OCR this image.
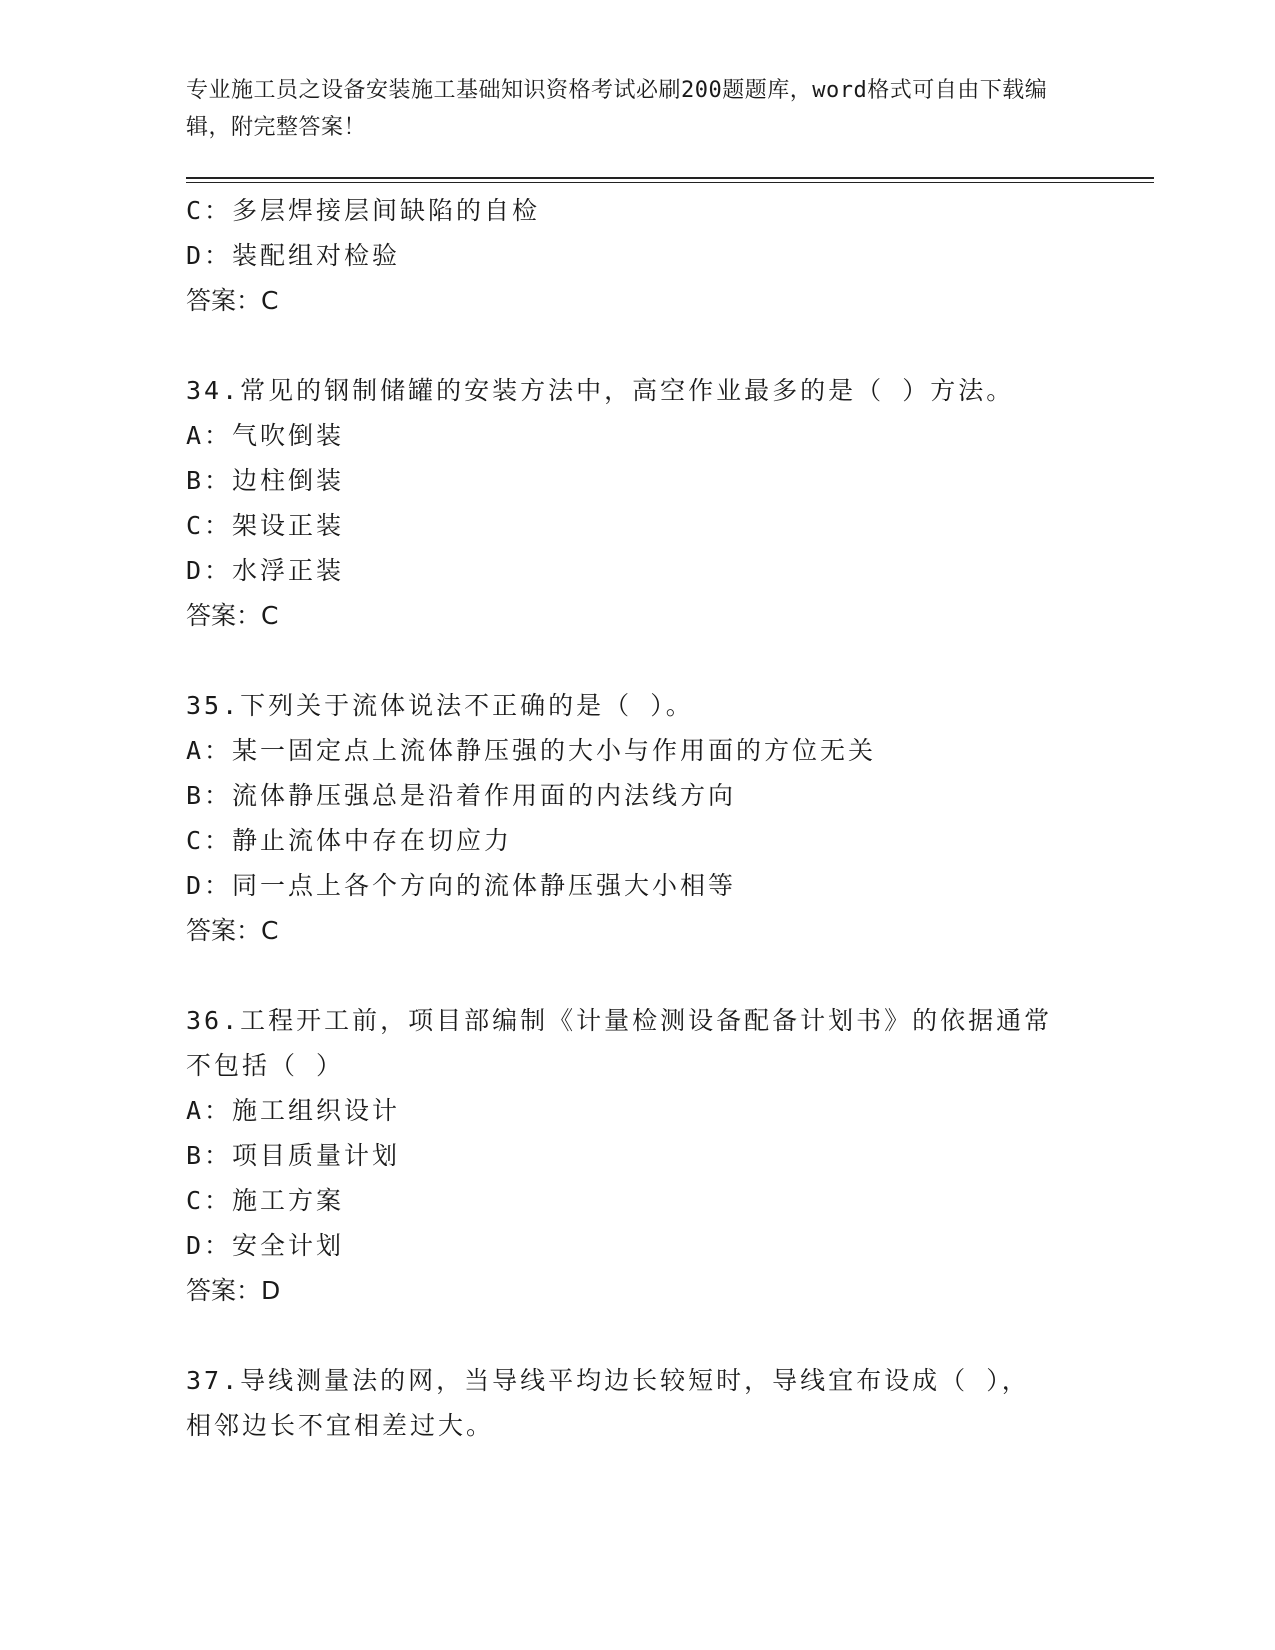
专业施工员之设备安装施工基础知识资格考试必刷200题题库，word格式可自由下载编辑，附完整答案！
C：多层焊接层间缺陷的自检
D：装配组对检验
答案：C
34.常见的钢制储罐的安装方法中，高空作业最多的是（ ）方法。
A：气吹倒装
B：边柱倒装
C：架设正装
D：水浮正装
答案：C
35.下列关于流体说法不正确的是（ ）。
A：某一固定点上流体静压强的大小与作用面的方位无关
B：流体静压强总是沿着作用面的内法线方向
C：静止流体中存在切应力
D：同一点上各个方向的流体静压强大小相等
答案：C
36.工程开工前，项目部编制《计量检测设备配备计划书》的依据通常
不包括（ ）
A：施工组织设计
B：项目质量计划
C：施工方案
D：安全计划
答案：D
37.导线测量法的网，当导线平均边长较短时，导线宜布设成（ ），
相邻边长不宜相差过大。
